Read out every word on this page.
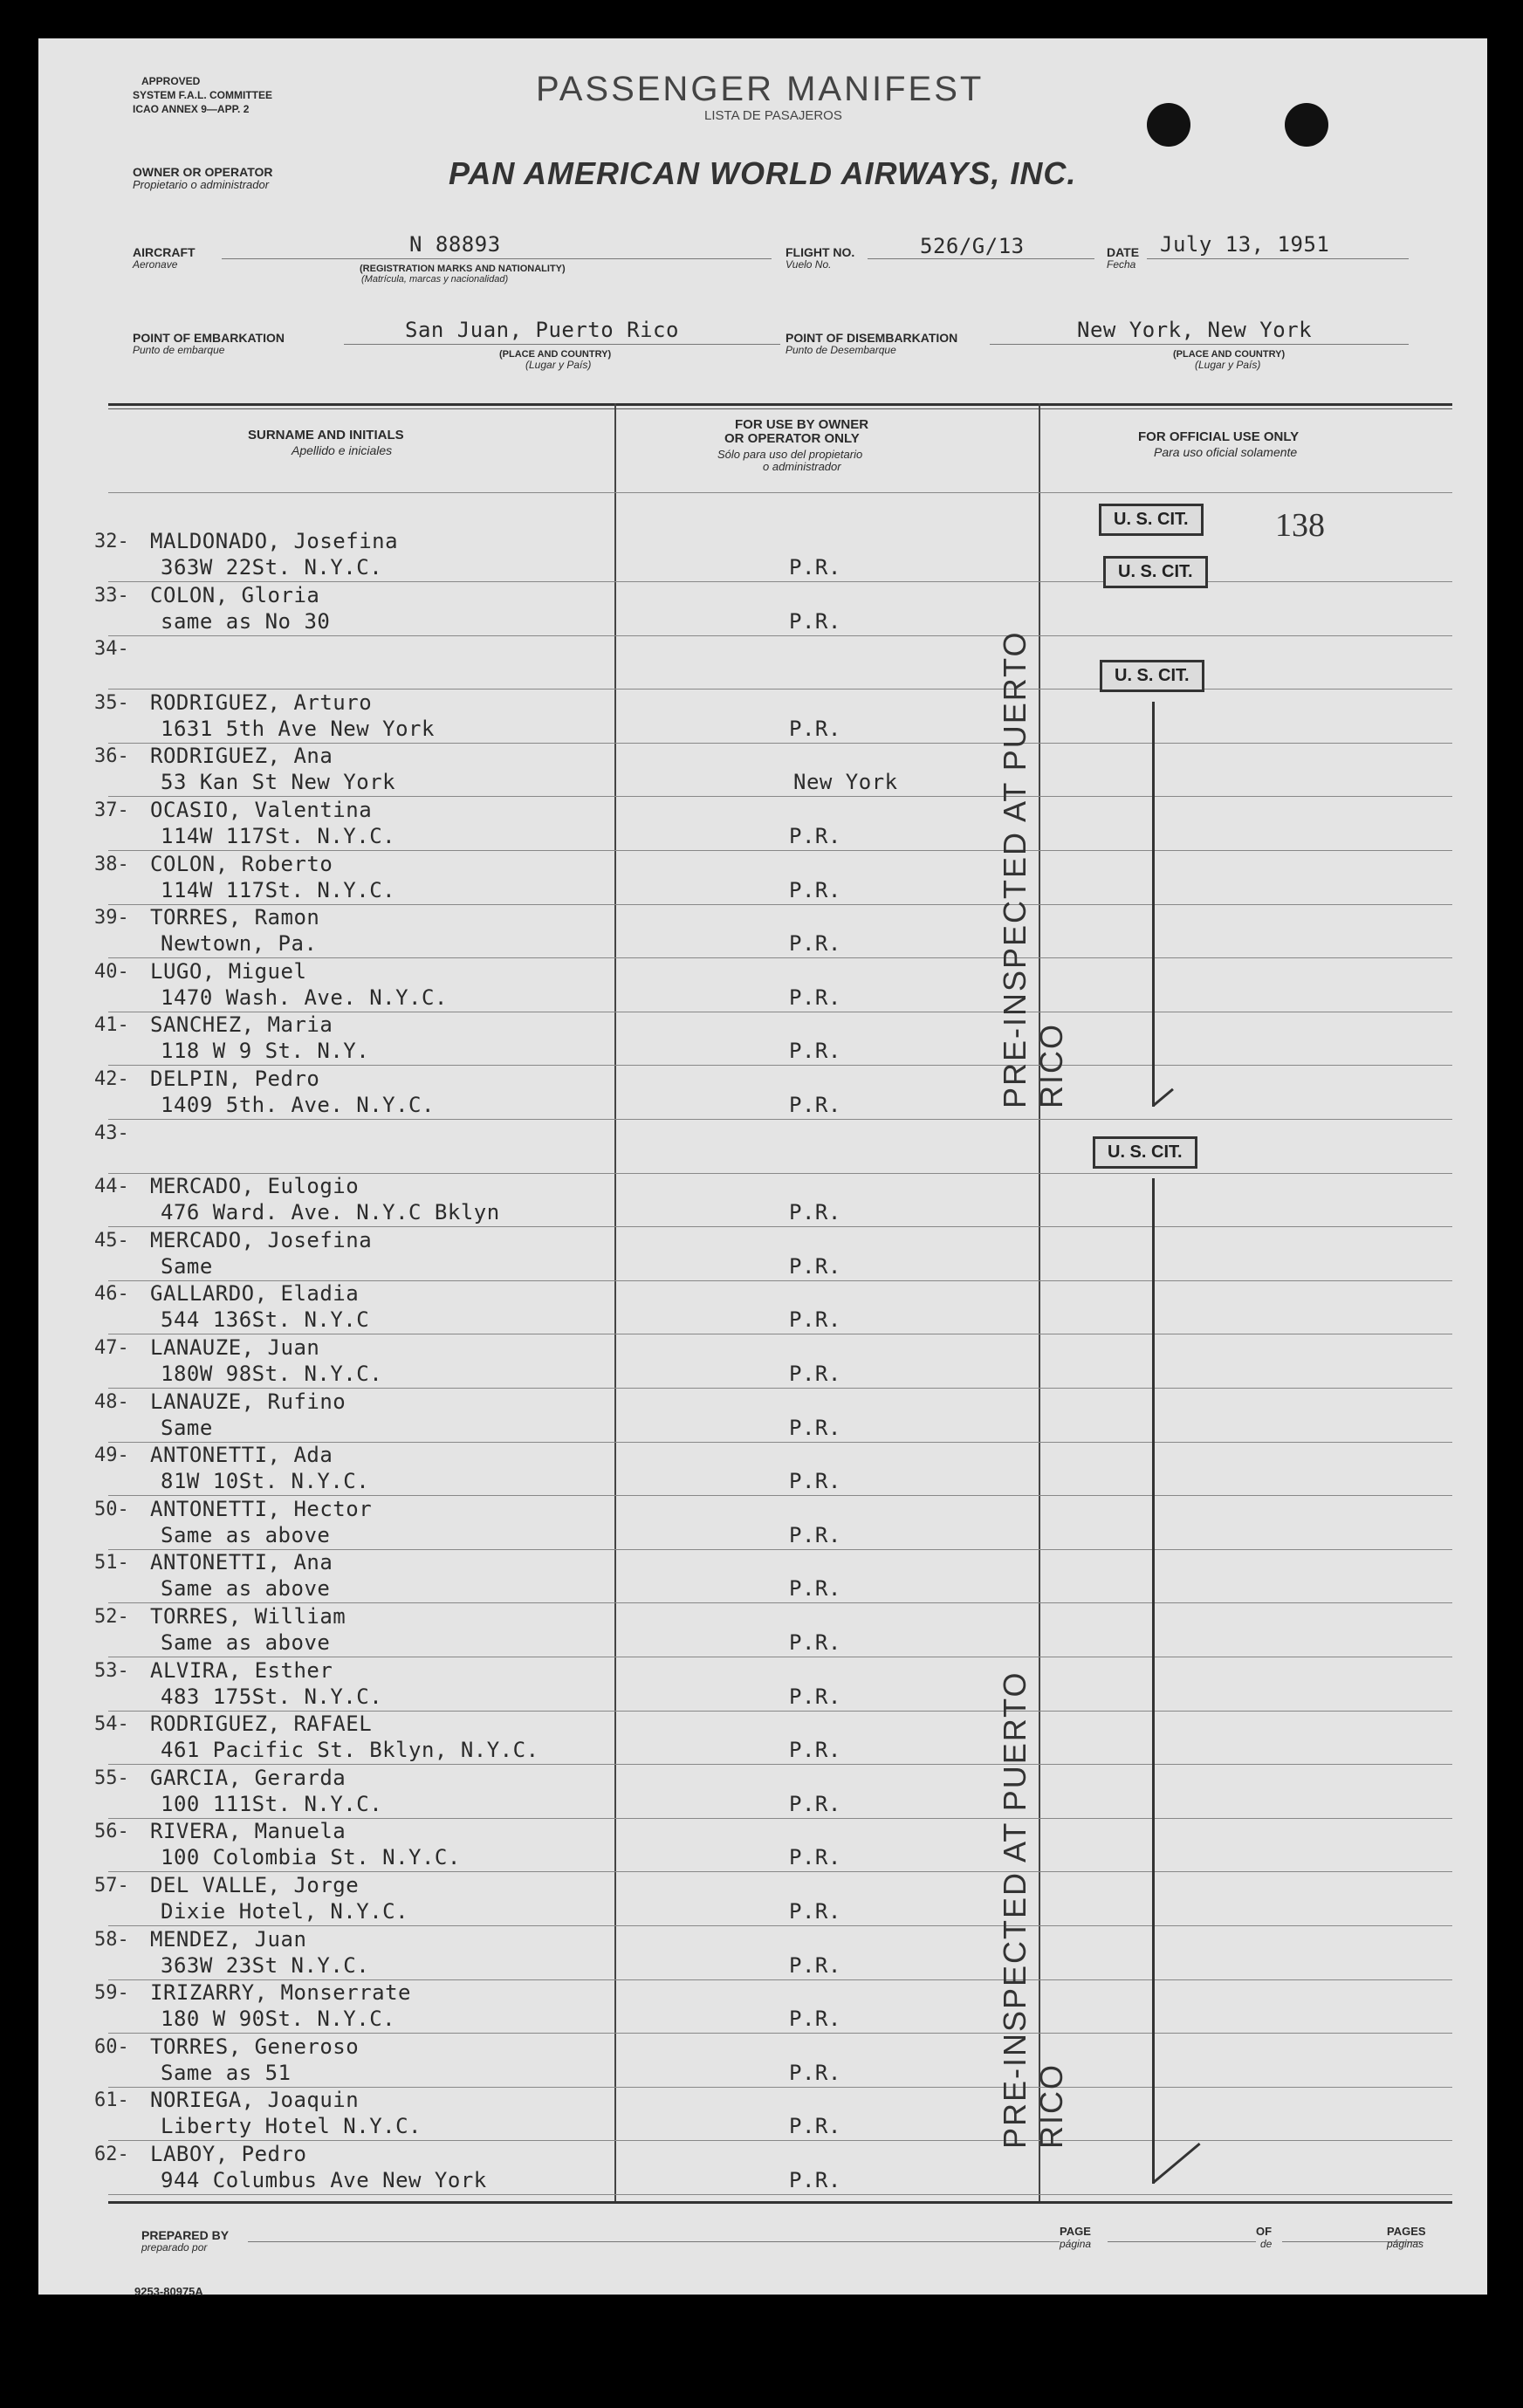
APPROVED
SYSTEM F.A.L. COMMITTEE
ICAO ANNEX 9—APP. 2
PASSENGER MANIFEST
LISTA DE PASAJEROS
OWNER OR OPERATOR
Propietario o administrador	PAN AMERICAN WORLD AIRWAYS, INC.
AIRCRAFT
Aeronave
N 88893
(REGISTRATION MARKS AND NATIONALITY)
(Matrícula, marcas y nacionalidad)
FLIGHT NO.
Vuelo No.
526/G/13	DATE
Fecha
July 13, 1951
POINT OF EMBARKATION
Punto de embarque
San Juan, Puerto Rico
(PLACE AND COUNTRY)
(Lugar y País)
POINT OF DISEMBARKATION
Punto de Desembarque
New York, New York
(PLACE AND COUNTRY)
(Lugar y País)
SURNAME AND INITIALS
Apellido e iniciales
FOR USE BY OWNER
OR OPERATOR ONLY
Sólo para uso del propietario
o administrador
FOR OFFICIAL USE ONLY
Para uso oficial solamente
32- MALDONADO, Josefina
363W 22St. N.Y.C.	P.R.
33- COLON, Gloria
same as No 30	P.R.
34-
35- RODRIGUEZ, Arturo
1631 5th Ave New York	P.R.
36- RODRIGUEZ, Ana
53 Kan St New York	New York
37- OCASIO, Valentina
114W 117St. N.Y.C.	P.R.
38- COLON, Roberto
114W 117St. N.Y.C.	P.R.
39- TORRES, Ramon
Newtown, Pa.	P.R.
40- LUGO, Miguel
1470 Wash. Ave. N.Y.C.	P.R.
41- SANCHEZ, Maria
118 W 9 St. N.Y.	P.R.
42- DELPIN, Pedro
1409 5th. Ave. N.Y.C.	P.R.
43-
44- MERCADO, Eulogio
476 Ward. Ave. N.Y.C Bklyn	P.R.
45- MERCADO, Josefina
Same	P.R.
46- GALLARDO, Eladia
544 136St. N.Y.C	P.R.
47- LANAUZE, Juan
180W 98St. N.Y.C.	P.R.
48- LANAUZE, Rufino
Same	P.R.
49- ANTONETTI, Ada
81W 10St. N.Y.C.	P.R.
50- ANTONETTI, Hector
Same as above	P.R.
51- ANTONETTI, Ana
Same as above	P.R.
52- TORRES, William
Same as above	P.R.
53- ALVIRA, Esther
483 175St. N.Y.C.	P.R.
54- RODRIGUEZ, RAFAEL
461 Pacific St. Bklyn, N.Y.C.	P.R.
55- GARCIA, Gerarda
100 111St. N.Y.C.	P.R.
56- RIVERA, Manuela
100 Colombia St. N.Y.C.	P.R.
57- DEL VALLE, Jorge
Dixie Hotel, N.Y.C.	P.R.
58- MENDEZ, Juan
363W 23St N.Y.C.	P.R.
59- IRIZARRY, Monserrate
180 W 90St. N.Y.C.	P.R.
60- TORRES, Generoso
Same as 51	P.R.
61- NORIEGA, Joaquin
Liberty Hotel N.Y.C.	P.R.
62- LABOY, Pedro
944 Columbus Ave New York	P.R.
U. S. CIT.	138
U. S. CIT.
U. S. CIT.
U. S. CIT.
PRE-INSPECTED AT PUERTO RICO
PRE-INSPECTED AT PUERTO RICO
PREPARED BY
preparado por
PAGE
página
OF
de
PAGES
páginas
9253-80975A
